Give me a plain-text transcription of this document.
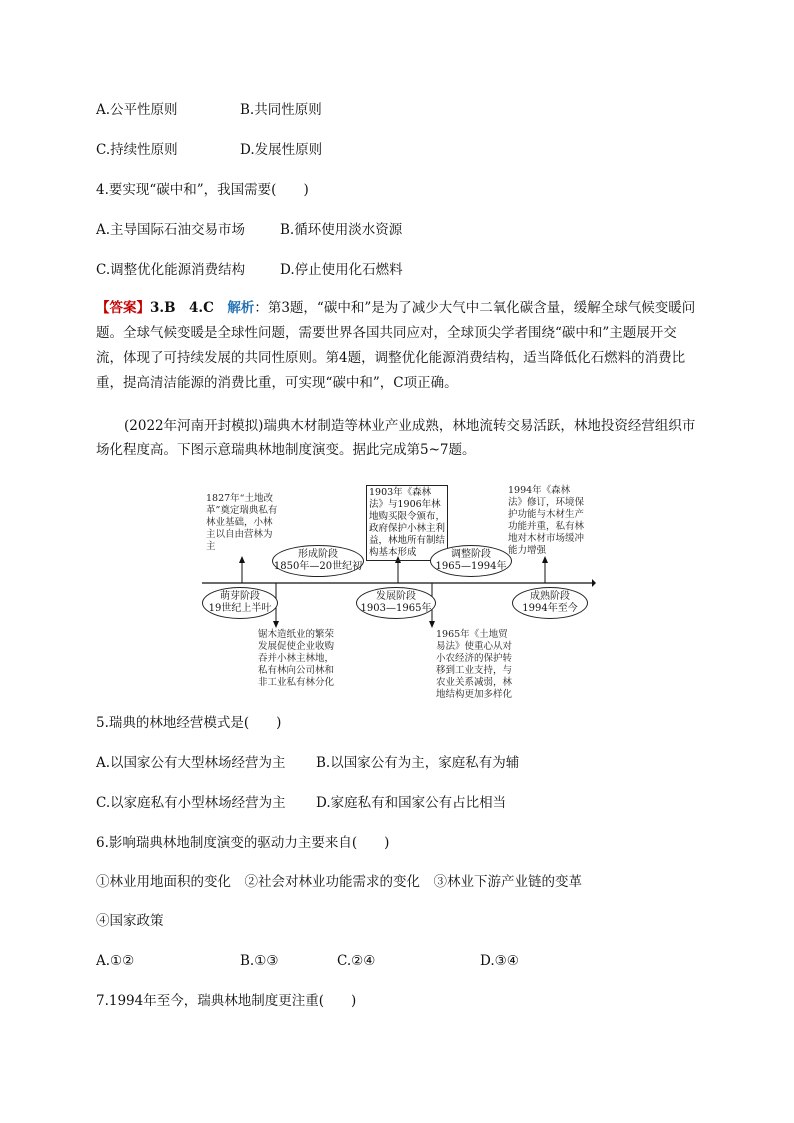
A.公平性原则	B.共同性原则
C.持续性原则	D.发展性原则
4.要实现“碳中和”，我国需要(　　)
A.主导国际石油交易市场	B.循环使用淡水资源
C.调整优化能源消费结构	D.停止使用化石燃料
【答案】3.B　4.C　解析：第3题，“碳中和”是为了减少大气中二氧化碳含量，缓解全球气候变暖问题。全球气候变暖是全球性问题，需要世界各国共同应对，全球顶尖学者围绕“碳中和”主题展开交流，体现了可持续发展的共同性原则。第4题，调整优化能源消费结构，适当降低化石燃料的消费比重，提高清洁能源的消费比重，可实现“碳中和”，C项正确。
(2022年河南开封模拟)瑞典木材制造等林业产业成熟，林地流转交易活跃，林地投资经营组织市场化程度高。下图示意瑞典林地制度演变。据此完成第5~7题。
1827年“土地改革”奠定瑞典私有林业基础，小林主以自由营林为主
1903年《森林法》与1906年林地购买限令颁布，政府保护小林主利益，林地所有制结构基本形成
1994年《森林法》修订，环境保护功能与木材生产功能并重，私有林地对木材市场缓冲能力增强
锯木造纸业的繁荣发展促使企业收购吞并小林主林地，私有林向公司林和非工业私有林分化
1965年《土地贸易法》使重心从对小农经济的保护转移到工业支持，与农业关系减弱，林地结构更加多样化
萌芽阶段
19世纪上半叶
形成阶段
1850年—20世纪初
发展阶段
1903—1965年
调整阶段
1965—1994年
成熟阶段
1994年至今
5.瑞典的林地经营模式是(　　)
A.以国家公有大型林场经营为主 B.以国家公有为主，家庭私有为辅
C.以家庭私有小型林场经营为主 D.家庭私有和国家公有占比相当
6.影响瑞典林地制度演变的驱动力主要来自(　　)
①林业用地面积的变化　②社会对林业功能需求的变化　③林业下游产业链的变革
④国家政策
A.①②	B.①③	C.②④	D.③④
7.1994年至今，瑞典林地制度更注重(　　)
